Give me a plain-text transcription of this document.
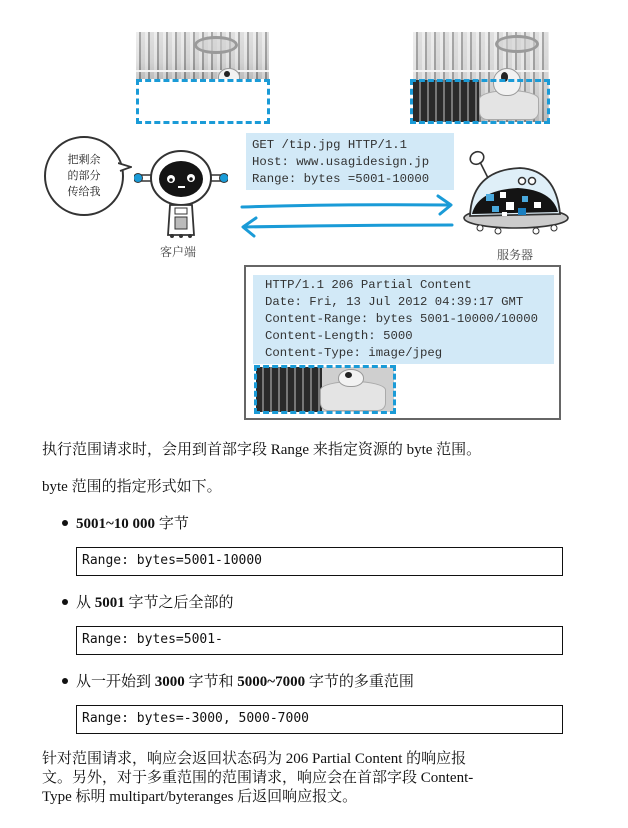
把剩余
的部分
传给我
客户端
GET /tip.jpg HTTP/1.1
Host: www.usagidesign.jp
Range: bytes =5001-10000
服务器
HTTP/1.1 206 Partial Content
Date: Fri, 13 Jul 2012 04:39:17 GMT
Content-Range: bytes 5001-10000/10000
Content-Length: 5000
Content-Type: image/jpeg
执行范围请求时，会用到首部字段 Range 来指定资源的 byte 范围。
byte 范围的指定形式如下。
5001~10 000 字节
Range: bytes=5001-10000
从 5001 字节之后全部的
Range: bytes=5001-
从一开始到 3000 字节和 5000~7000 字节的多重范围
Range: bytes=-3000, 5000-7000
针对范围请求，响应会返回状态码为 206 Partial Content 的响应报
文。另外，对于多重范围的范围请求，响应会在首部字段 Content-
Type 标明 multipart/byteranges 后返回响应报文。
